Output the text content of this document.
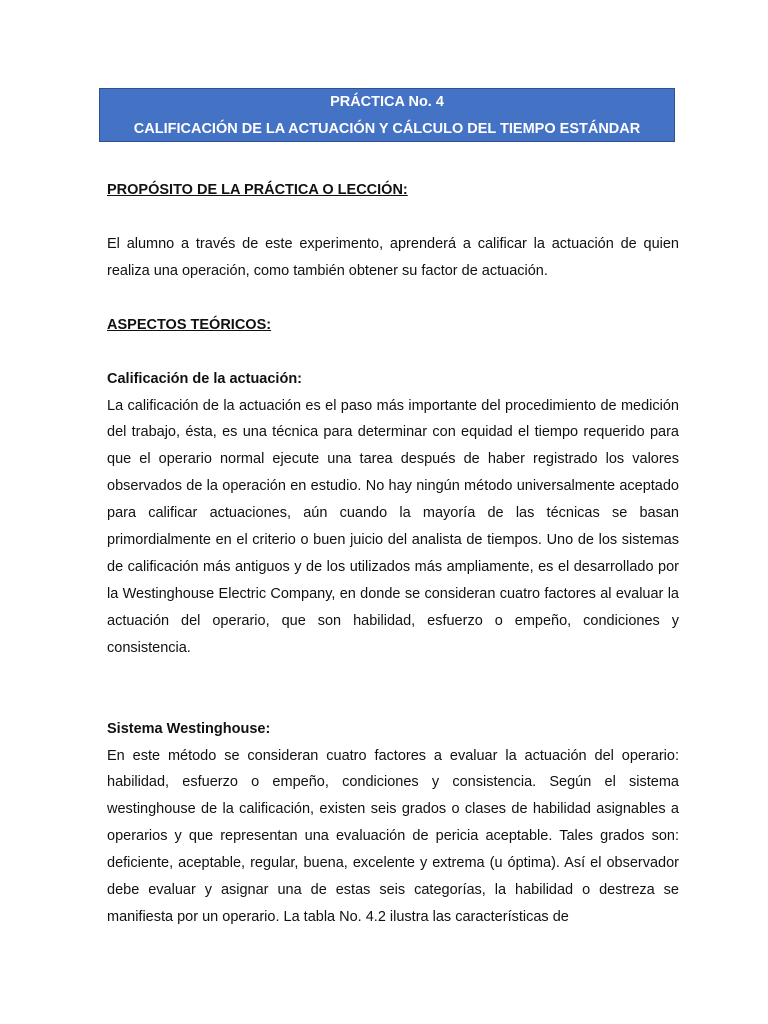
PRÁCTICA No. 4
CALIFICACIÓN DE LA ACTUACIÓN Y CÁLCULO DEL TIEMPO ESTÁNDAR
PROPÓSITO DE LA PRÁCTICA O LECCIÓN:

El alumno a través de este experimento, aprenderá a calificar la actuación de quien realiza una operación, como también obtener su factor de actuación.

ASPECTOS TEÓRICOS:
Calificación de la actuación:

La calificación de la actuación es el paso más importante del procedimiento de medición del trabajo, ésta, es una técnica para determinar con equidad el tiempo requerido para que el operario normal ejecute una tarea después de haber registrado los valores observados de la operación en estudio. No hay ningún método universalmente aceptado para calificar actuaciones, aún cuando la mayoría de las técnicas se basan primordialmente en el criterio o buen juicio del analista de tiempos. Uno de los sistemas de calificación más antiguos y de los utilizados más ampliamente, es el desarrollado por la Westinghouse Electric Company, en donde se consideran cuatro factores al evaluar la actuación del operario, que son habilidad, esfuerzo o empeño, condiciones y consistencia.

Sistema Westinghouse:

En este método se consideran cuatro factores a evaluar la actuación del operario: habilidad, esfuerzo o empeño, condiciones y consistencia. Según el sistema westinghouse de la calificación, existen seis grados o clases de habilidad asignables a operarios y que representan una evaluación de pericia aceptable. Tales grados son: deficiente, aceptable, regular, buena, excelente y extrema (u óptima). Así el observador debe evaluar y asignar una de estas seis categorías, la habilidad o destreza se manifiesta por un operario. La tabla No. 4.2 ilustra las características de
